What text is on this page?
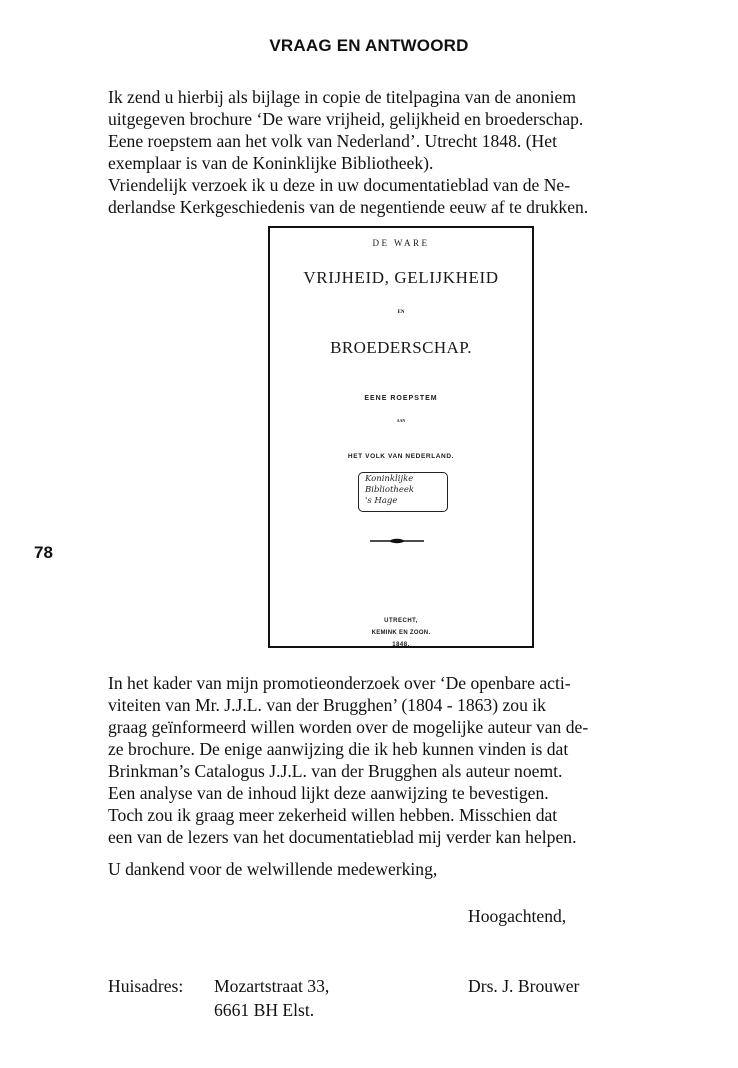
VRAAG EN ANTWOORD
Ik zend u hierbij als bijlage in copie de titelpagina van de anoniem
uitgegeven brochure ‘De ware vrijheid, gelijkheid en broederschap.
Eene roepstem aan het volk van Nederland’. Utrecht 1848. (Het
exemplaar is van de Koninklijke Bibliotheek).
Vriendelijk verzoek ik u deze in uw documentatieblad van de Ne-
derlandse Kerkgeschiedenis van de negentiende eeuw af te drukken.
DE WARE
VRIJHEID, GELIJKHEID
EN
BROEDERSCHAP.
EENE ROEPSTEM
AAN
HET VOLK VAN NEDERLAND.
Koninklijke
Bibliotheek
's Hage
UTRECHT,
KEMINK EN ZOON.
1848.
78
In het kader van mijn promotieonderzoek over ‘De openbare acti-
viteiten van Mr. J.J.L. van der Brugghen’ (1804 - 1863) zou ik
graag geïnformeerd willen worden over de mogelijke auteur van de-
ze brochure. De enige aanwijzing die ik heb kunnen vinden is dat
Brinkman’s Catalogus J.J.L. van der Brugghen als auteur noemt.
Een analyse van de inhoud lijkt deze aanwijzing te bevestigen.
Toch zou ik graag meer zekerheid willen hebben. Misschien dat
een van de lezers van het documentatieblad mij verder kan helpen.
U dankend voor de welwillende medewerking,
Hoogachtend,
Huisadres: Mozartstraat 33,
6661 BH Elst.
Drs. J. Brouwer
